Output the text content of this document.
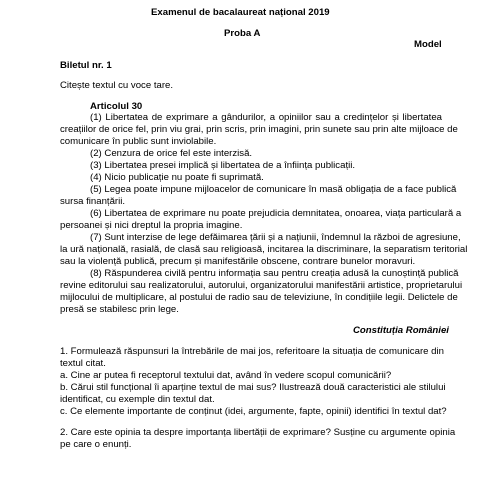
Examenul de bacalaureat național 2019
Proba A
Model
Biletul nr. 1
Citește textul cu voce tare.
Articolul 30
(1) Libertatea de exprimare a gândurilor, a opiniilor sau a credințelor și libertatea
creațiilor de orice fel, prin viu grai, prin scris, prin imagini, prin sunete sau prin alte mijloace de
comunicare în public sunt inviolabile.
(2) Cenzura de orice fel este interzisă.
(3) Libertatea presei implică și libertatea de a înființa publicații.
(4) Nicio publicație nu poate fi suprimată.
(5) Legea poate impune mijloacelor de comunicare în masă obligația de a face publică
sursa finanțării.
(6) Libertatea de exprimare nu poate prejudicia demnitatea, onoarea, viața particulară a
persoanei și nici dreptul la propria imagine.
(7) Sunt interzise de lege defăimarea țării și a națiunii, îndemnul la război de agresiune,
la ură națională, rasială, de clasă sau religioasă, incitarea la discriminare, la separatism teritorial
sau la violență publică, precum și manifestările obscene, contrare bunelor moravuri.
(8) Răspunderea civilă pentru informația sau pentru creația adusă la cunoștință publică
revine editorului sau realizatorului, autorului, organizatorului manifestării artistice, proprietarului
mijlocului de multiplicare, al postului de radio sau de televiziune, în condițiile legii. Delictele de
presă se stabilesc prin lege.
Constituția României
1. Formulează răspunsuri la întrebările de mai jos, referitoare la situația de comunicare din
textul citat.
a. Cine ar putea fi receptorul textului dat, având în vedere scopul comunicării?
b. Cărui stil funcțional îi aparține textul de mai sus? Ilustrează două caracteristici ale stilului
identificat, cu exemple din textul dat.
c. Ce elemente importante de conținut (idei, argumente, fapte, opinii) identifici în textul dat?
2. Care este opinia ta despre importanța libertății de exprimare? Susține cu argumente opinia
pe care o enunți.
